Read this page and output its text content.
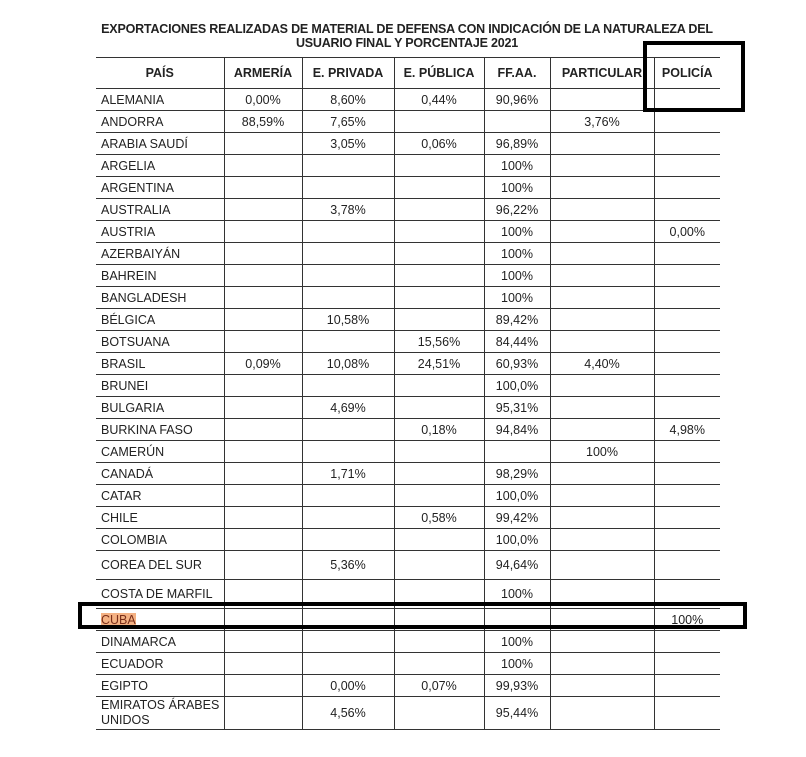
EXPORTACIONES REALIZADAS DE MATERIAL DE DEFENSA CON INDICACIÓN DE LA NATURALEZA DEL
USUARIO FINAL Y PORCENTAJE 2021
PAÍS	ARMERÍA	E. PRIVADA	E. PÚBLICA	FF.AA.	PARTICULAR	POLICÍA
ALEMANIA	0,00%	8,60%	0,44%	90,96%		
ANDORRA	88,59%	7,65%			3,76%	
ARABIA SAUDÍ		3,05%	0,06%	96,89%		
ARGELIA				100%		
ARGENTINA				100%		
AUSTRALIA		3,78%		96,22%		
AUSTRIA				100%		0,00%
AZERBAIYÁN				100%		
BAHREIN				100%		
BANGLADESH				100%		
BÉLGICA		10,58%		89,42%		
BOTSUANA			15,56%	84,44%		
BRASIL	0,09%	10,08%	24,51%	60,93%	4,40%	
BRUNEI				100,0%		
BULGARIA		4,69%		95,31%		
BURKINA FASO			0,18%	94,84%		4,98%
CAMERÚN					100%	
CANADÁ		1,71%		98,29%		
CATAR				100,0%		
CHILE			0,58%	99,42%		
COLOMBIA				100,0%		
COREA DEL SUR		5,36%		94,64%		
COSTA DE MARFIL				100%		
CUBA						100%
DINAMARCA				100%		
ECUADOR				100%		
EGIPTO		0,00%	0,07%	99,93%		
EMIRATOS ÁRABES UNIDOS		4,56%		95,44%		
